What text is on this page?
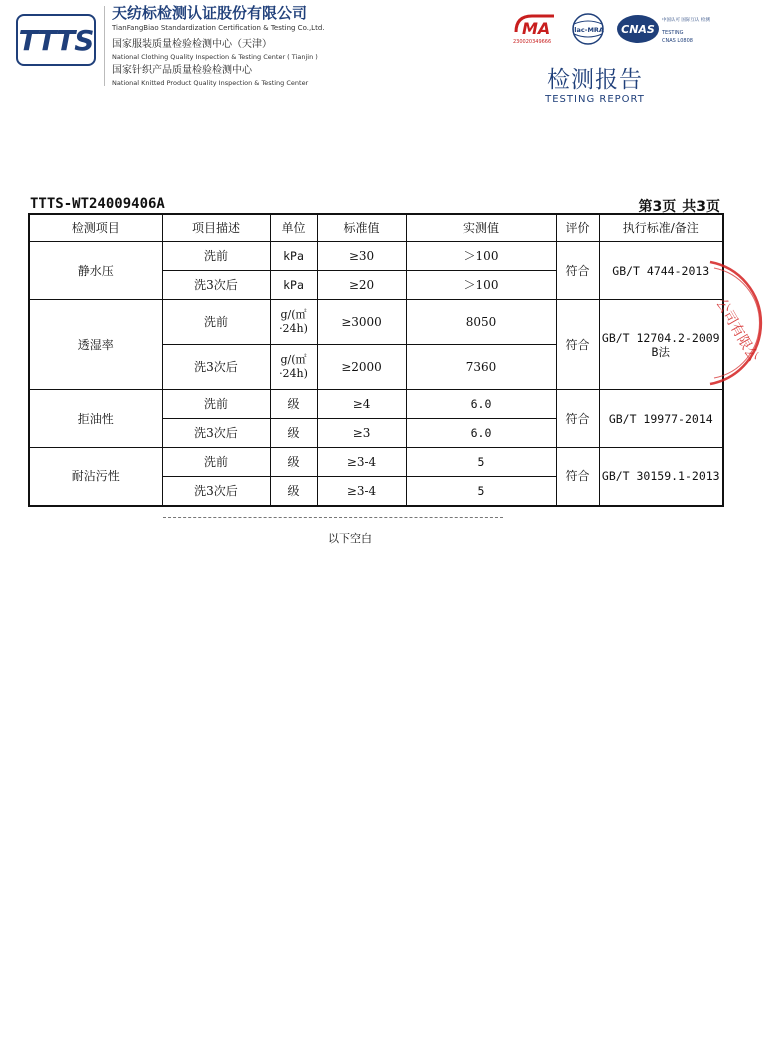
TTTS
天纺标检测认证股份有限公司
TianFangBiao Standardization Certification & Testing Co.,Ltd.
国家服装质量检验检测中心（天津）
National Clothing Quality Inspection & Testing Center ( Tianjin )
国家针织产品质量检验检测中心
National Knitted Product Quality Inspection & Testing Center
MA
230020349666
ilac-MRA CNAS
中国认可 国际互认 检测
TESTING
CNAS L0808
检测报告
TESTING REPORT
TTTS-WT24009406A	第3页 共3页
检测项目	项目描述	单位	标准值	实测值	评价	执行标准/备注
静水压	洗前	kPa	≥30	＞100	符合	GB/T 4744-2013
	洗3次后	kPa	≥20	＞100		
透湿率	洗前	g/(㎡·24h)	≥3000	8050	符合	GB/T 12704.2-2009 B法
	洗3次后	g/(㎡·24h)	≥2000	7360		
拒油性	洗前	级	≥4	6.0	符合	GB/T 19977-2014
	洗3次后	级	≥3	6.0		
耐沾污性	洗前	级	≥3-4	5	符合	GB/T 30159.1-2013
	洗3次后	级	≥3-4	5		
公司有限公
以下空白
